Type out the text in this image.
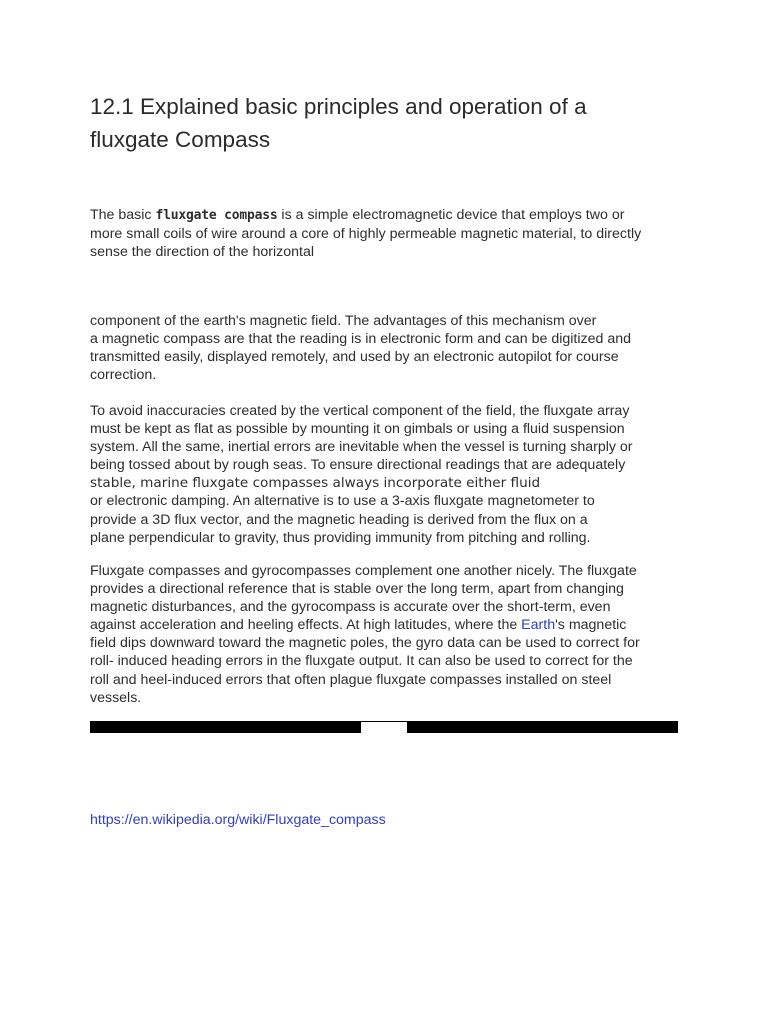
12.1 Explained basic principles and operation of a
fluxgate Compass

The basic fluxgate compass is a simple electromagnetic device that employs two or
more small coils of wire around a core of highly permeable magnetic material, to directly
sense the direction of the horizontal

component of the earth's magnetic field. The advantages of this mechanism over
a magnetic compass are that the reading is in electronic form and can be digitized and
transmitted easily, displayed remotely, and used by an electronic autopilot for course
correction.

To avoid inaccuracies created by the vertical component of the field, the fluxgate array
must be kept as flat as possible by mounting it on gimbals or using a fluid suspension
system. All the same, inertial errors are inevitable when the vessel is turning sharply or
being tossed about by rough seas. To ensure directional readings that are adequately
stable, marine fluxgate compasses always incorporate either fluid
or electronic damping. An alternative is to use a 3-axis fluxgate magnetometer to
provide a 3D flux vector, and the magnetic heading is derived from the flux on a
plane perpendicular to gravity, thus providing immunity from pitching and rolling.

Fluxgate compasses and gyrocompasses complement one another nicely. The fluxgate
provides a directional reference that is stable over the long term, apart from changing
magnetic disturbances, and the gyrocompass is accurate over the short-term, even
against acceleration and heeling effects. At high latitudes, where the Earth's magnetic
field dips downward toward the magnetic poles, the gyro data can be used to correct for
roll- induced heading errors in the fluxgate output. It can also be used to correct for the
roll and heel-induced errors that often plague fluxgate compasses installed on steel
vessels.

https://en.wikipedia.org/wiki/Fluxgate_compass
